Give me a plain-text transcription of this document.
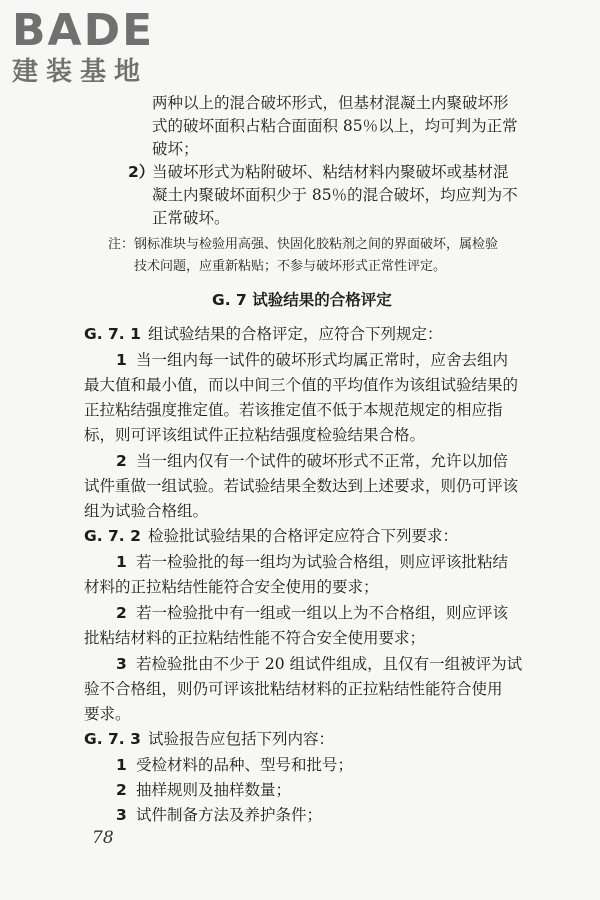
BADE
建装基地
两种以上的混合破坏形式，但基材混凝土内聚破坏形
式的破坏面积占粘合面面积 85％以上，均可判为正常
破坏；
2）
当破坏形式为粘附破坏、粘结材料内聚破坏或基材混
凝土内聚破坏面积少于 85％的混合破坏，均应判为不
正常破坏。
注：钢标准块与检验用高强、快固化胶粘剂之间的界面破坏，属检验
技术问题，应重新粘贴；不参与破坏形式正常性评定。
G. 7 试验结果的合格评定
G. 7. 1 组试验结果的合格评定，应符合下列规定：
1 当一组内每一试件的破坏形式均属正常时，应舍去组内
最大值和最小值，而以中间三个值的平均值作为该组试验结果的
正拉粘结强度推定值。若该推定值不低于本规范规定的相应指
标，则可评该组试件正拉粘结强度检验结果合格。
2 当一组内仅有一个试件的破坏形式不正常，允许以加倍
试件重做一组试验。若试验结果全数达到上述要求，则仍可评该
组为试验合格组。
G. 7. 2 检验批试验结果的合格评定应符合下列要求：
1 若一检验批的每一组均为试验合格组，则应评该批粘结
材料的正拉粘结性能符合安全使用的要求；
2 若一检验批中有一组或一组以上为不合格组，则应评该
批粘结材料的正拉粘结性能不符合安全使用要求；
3 若检验批由不少于 20 组试件组成，且仅有一组被评为试
验不合格组，则仍可评该批粘结材料的正拉粘结性能符合使用
要求。
G. 7. 3 试验报告应包括下列内容：
1 受检材料的品种、型号和批号；
2 抽样规则及抽样数量；
3 试件制备方法及养护条件；
78
